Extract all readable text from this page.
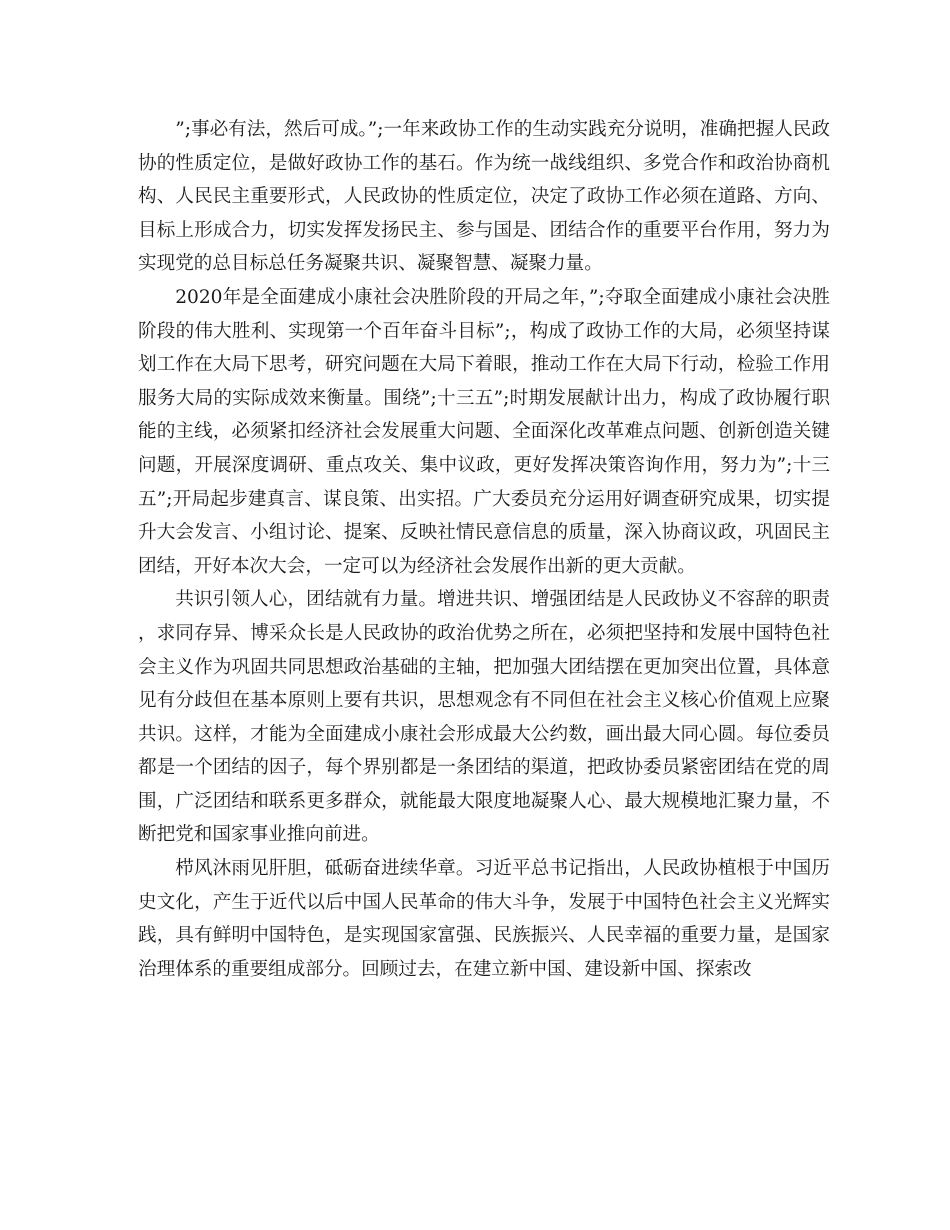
”;事必有法，然后可成。”;一年来政协工作的生动实践充分说明，准确把握人民政协的性质定位，是做好政协工作的基石。作为统一战线组织、多党合作和政治协商机构、人民民主重要形式，人民政协的性质定位，决定了政协工作必须在道路、方向、目标上形成合力，切实发挥发扬民主、参与国是、团结合作的重要平台作用，努力为实现党的总目标总任务凝聚共识、凝聚智慧、凝聚力量。

2020年是全面建成小康社会决胜阶段的开局之年，”;夺取全面建成小康社会决胜阶段的伟大胜利、实现第一个百年奋斗目标”;，构成了政协工作的大局，必须坚持谋划工作在大局下思考，研究问题在大局下着眼，推动工作在大局下行动，检验工作用服务大局的实际成效来衡量。围绕”;十三五”;时期发展献计出力，构成了政协履行职能的主线，必须紧扣经济社会发展重大问题、全面深化改革难点问题、创新创造关键问题，开展深度调研、重点攻关、集中议政，更好发挥决策咨询作用，努力为”;十三五”;开局起步建真言、谋良策、出实招。广大委员充分运用好调查研究成果，切实提升大会发言、小组讨论、提案、反映社情民意信息的质量，深入协商议政，巩固民主团结，开好本次大会，一定可以为经济社会发展作出新的更大贡献。

共识引领人心，团结就有力量。增进共识、增强团结是人民政协义不容辞的职责，求同存异、博采众长是人民政协的政治优势之所在，必须把坚持和发展中国特色社会主义作为巩固共同思想政治基础的主轴，把加强大团结摆在更加突出位置，具体意见有分歧但在基本原则上要有共识，思想观念有不同但在社会主义核心价值观上应聚共识。这样，才能为全面建成小康社会形成最大公约数，画出最大同心圆。每位委员都是一个团结的因子，每个界别都是一条团结的渠道，把政协委员紧密团结在党的周围，广泛团结和联系更多群众，就能最大限度地凝聚人心、最大规模地汇聚力量，不断把党和国家事业推向前进。

栉风沐雨见肝胆，砥砺奋进续华章。习近平总书记指出，人民政协植根于中国历史文化，产生于近代以后中国人民革命的伟大斗争，发展于中国特色社会主义光辉实践，具有鲜明中国特色，是实现国家富强、民族振兴、人民幸福的重要力量，是国家治理体系的重要组成部分。回顾过去，在建立新中国、建设新中国、探索改
